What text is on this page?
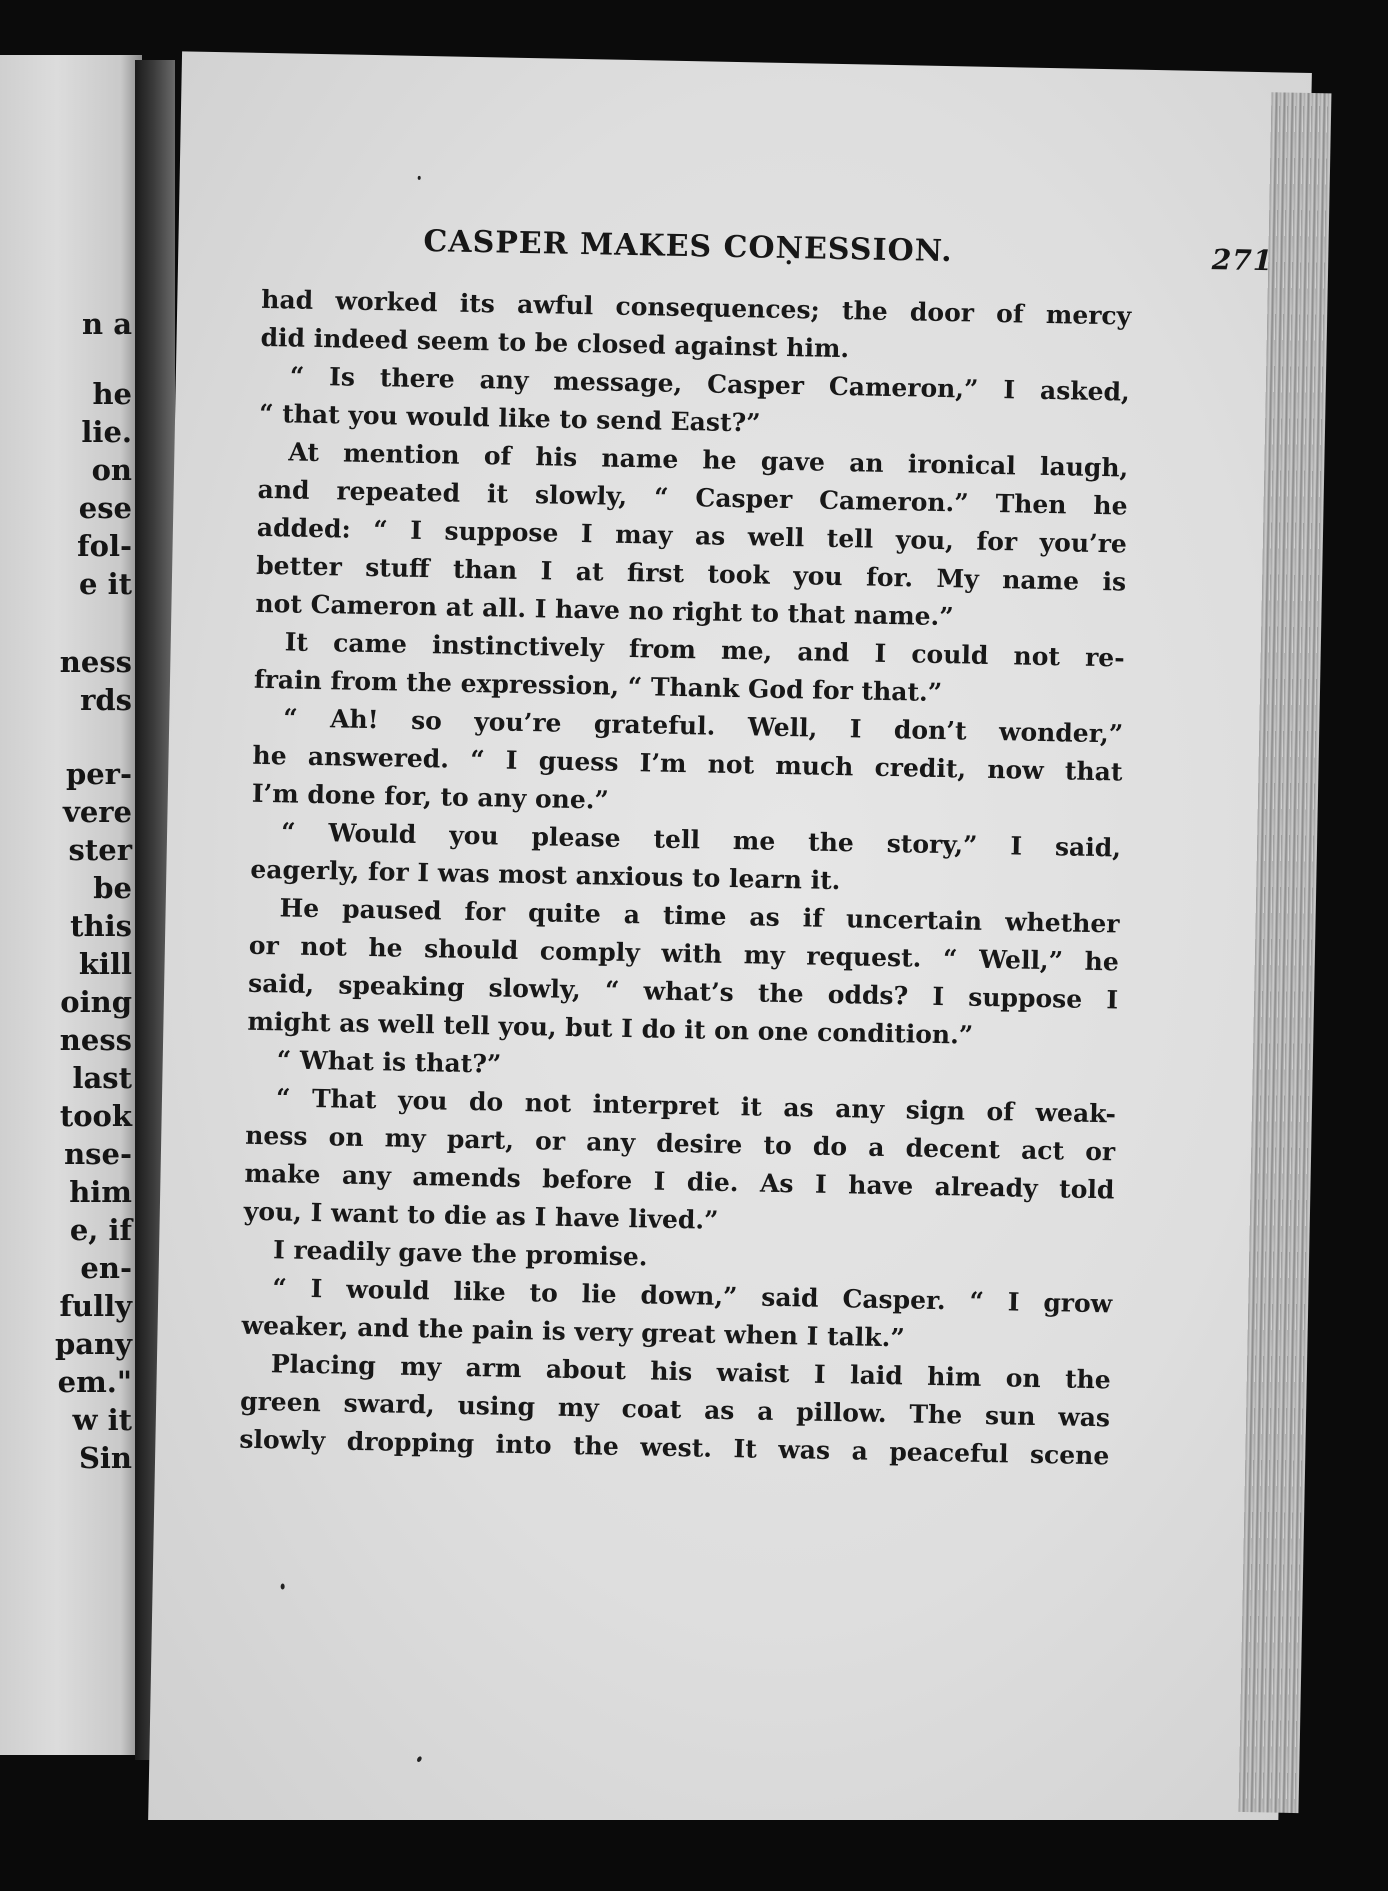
n a

he

lie.

on

ese

fol-

e it

ness

rds

per-

vere

ster

be

this

kill

oing

ness

last

took

nse-

him

e, if

en-

fully

pany

em."

w it

Sin

CASPER MAKES COṆESSION.	271

had worked its awful consequences; the door of mercy

did indeed seem to be closed against him.

“ Is there any message, Casper Cameron,” I asked,

“ that you would like to send East?”

At mention of his name he gave an ironical laugh,

and repeated it slowly, “ Casper Cameron.” Then he

added: “ I suppose I may as well tell you, for you’re

better stuff than I at first took you for. My name is

not Cameron at all. I have no right to that name.”

It came instinctively from me, and I could not re-

frain from the expression, “ Thank God for that.”

“ Ah! so you’re grateful. Well, I don’t wonder,”

he answered. “ I guess I’m not much credit, now that

I’m done for, to any one.”

“ Would you please tell me the story,” I said,

eagerly, for I was most anxious to learn it.

He paused for quite a time as if uncertain whether

or not he should comply with my request. “ Well,” he

said, speaking slowly, “ what’s the odds? I suppose I

might as well tell you, but I do it on one condition.”

“ What is that?”

“ That you do not interpret it as any sign of weak-

ness on my part, or any desire to do a decent act or

make any amends before I die. As I have already told

you, I want to die as I have lived.”

I readily gave the promise.

“ I would like to lie down,” said Casper. “ I grow

weaker, and the pain is very great when I talk.”

Placing my arm about his waist I laid him on the

green sward, using my coat as a pillow. The sun was

slowly dropping into the west. It was a peaceful scene
